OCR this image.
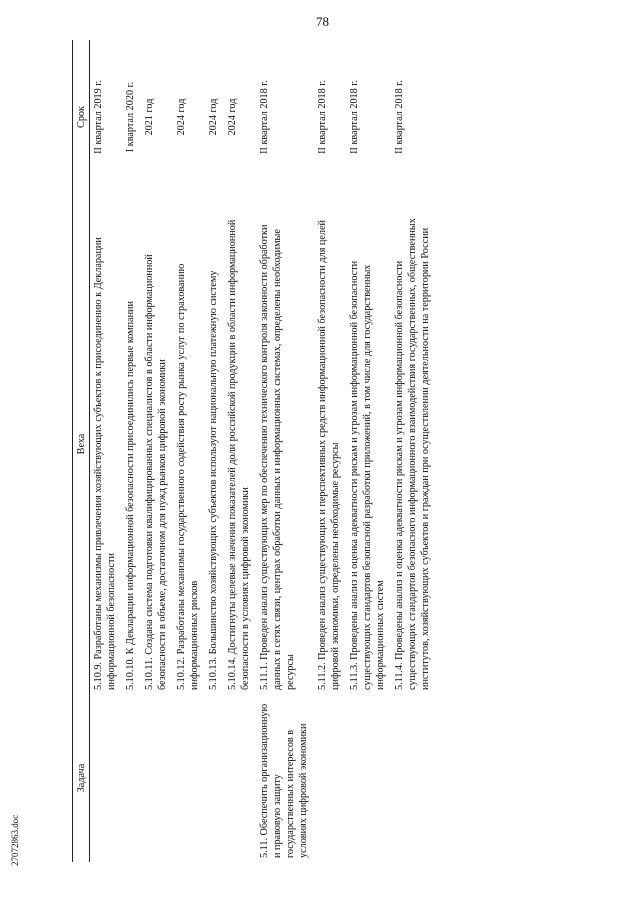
78
27072863.doc
Задача	Веха	Срок
	5.10.9. Разработаны механизмы привлечения хозяйствующих субъектов к присоединению к Декларации информационной безопасности	II квартал 2019 г.
	5.10.10. К Декларации информационной безопасности присоединились первые компании	I квартал 2020 г.
	5.10.11. Создана система подготовки квалифицированных специалистов в области информационной безопасности в объеме, достаточном для нужд рынков цифровой экономики	2021 год
	5.10.12. Разработаны механизмы государственного содействия росту рынка услуг по страхованию информационных рисков	2024 год
	5.10.13. Большинство хозяйствующих субъектов используют национальную платежную систему	2024 год
	5.10.14. Достигнуты целевые значения показателей доли российской продукции в области информационной безопасности в условиях цифровой экономики	2024 год
5.11. Обеспечить организационную и правовую защиту государственных интересов в условиях цифровой экономики	5.11.1. Проведен анализ существующих мер по обеспечению технического контроля законности обработки данных в сетях связи, центрах обработки данных и информационных системах, определены необходимые ресурсы	II квартал 2018 г.
	5.11.2. Проведен анализ существующих и перспективных средств информационной безопасности для целей цифровой экономики, определены необходимые ресурсы	II квартал 2018 г.
	5.11.3. Проведены анализ и оценка адекватности рискам и угрозам информационной безопасности существующих стандартов безопасной разработки приложений, в том числе для государственных информационных систем	II квартал 2018 г.
	5.11.4. Проведены анализ и оценка адекватности рискам и угрозам информационной безопасности существующих стандартов безопасного информационного взаимодействия государственных, общественных институтов, хозяйствующих субъектов и граждан при осуществлении деятельности на территории России	II квартал 2018 г.
